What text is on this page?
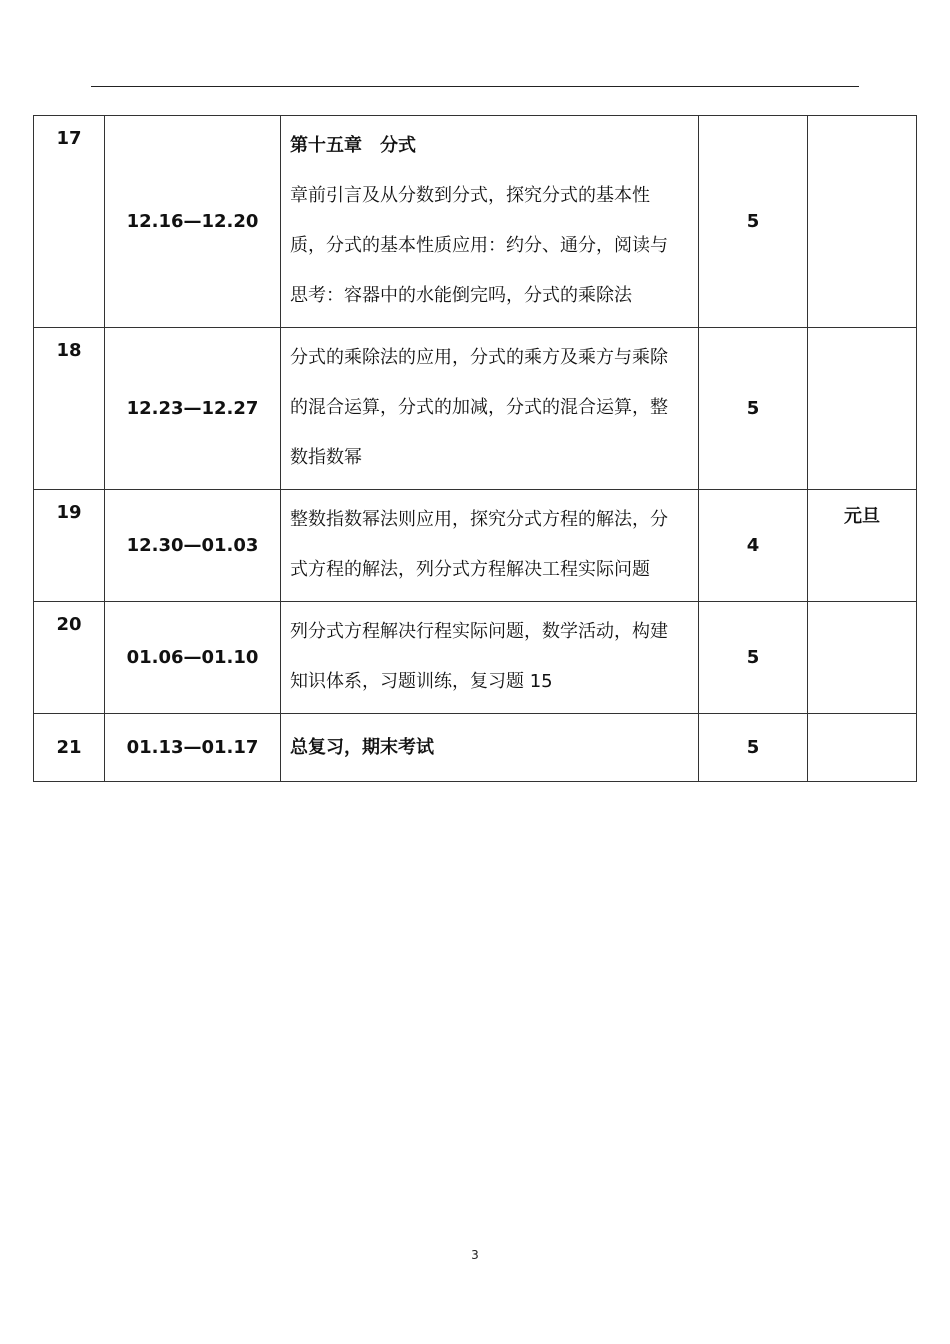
17	12.16—12.20	第十五章　分式
章前引言及从分数到分式，探究分式的基本性
质，分式的基本性质应用：约分、通分，阅读与
思考：容器中的水能倒完吗，分式的乘除法	5	
18	12.23—12.27	分式的乘除法的应用，分式的乘方及乘方与乘除
的混合运算，分式的加减，分式的混合运算，整
数指数幂	5	
19	12.30—01.03	整数指数幂法则应用，探究分式方程的解法，分
式方程的解法，列分式方程解决工程实际问题	4	元旦
20	01.06—01.10	列分式方程解决行程实际问题，数学活动，构建
知识体系，习题训练，复习题 15	5	
21	01.13—01.17	总复习，期末考试	5	
3
